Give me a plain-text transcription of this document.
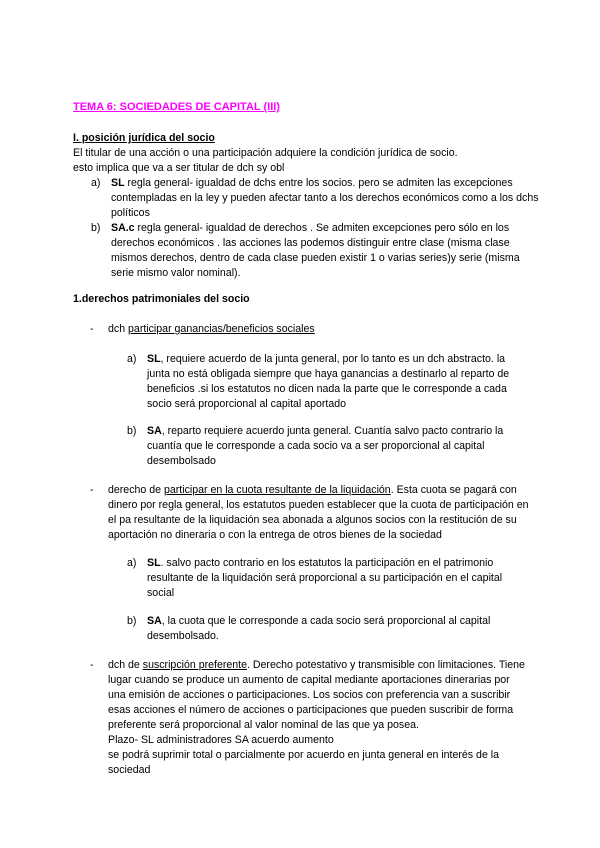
TEMA 6: SOCIEDADES DE CAPITAL (III)
I. posición jurídica del socio
El titular de una acción o una participación adquiere la condición jurídica de socio.
esto implica que va a ser titular de dch sy obl
a) SL regla general- igualdad de dchs entre los socios. pero se admiten las excepciones contempladas en la ley y pueden afectar tanto a los derechos económicos como a los dchs políticos
b) SA.c regla general- igualdad de derechos . Se admiten excepciones pero sólo en los derechos económicos . las acciones las podemos distinguir entre clase (misma clase mismos derechos, dentro de cada clase pueden existir 1 o varias series)y serie (misma serie mismo valor nominal).
1.derechos patrimoniales del socio
- dch participar ganancias/beneficios sociales
a) SL, requiere acuerdo de la junta general, por lo tanto es un dch abstracto. la junta no está obligada siempre que haya ganancias a destinarlo al reparto de beneficios .si los estatutos no dicen nada la parte que le corresponde a cada socio será proporcional al capital aportado
b) SA, reparto requiere acuerdo junta general. Cuantía salvo pacto contrario la cuantía que le corresponde a cada socio va a ser proporcional al capital desembolsado
- derecho de participar en la cuota resultante de la liquidación. Esta cuota se pagará con dinero por regla general, los estatutos pueden establecer que la cuota de participación en el pa resultante de la liquidación sea abonada a algunos socios con la restitución de su aportación no dineraria o con la entrega de otros bienes de la sociedad
a) SL. salvo pacto contrario en los estatutos la participación en el patrimonio resultante de la liquidación será proporcional a su participación en el capital social
b) SA, la cuota que le corresponde a cada socio será proporcional al capital desembolsado.
- dch de suscripción preferente. Derecho potestativo y transmisible con limitaciones. Tiene lugar cuando se produce un aumento de capital mediante aportaciones dinerarias por una emisión de acciones o participaciones. Los socios con preferencia van a suscribir esas acciones el número de acciones o participaciones que pueden suscribir de forma preferente será proporcional al valor nominal de las que ya posea.
Plazo- SL administradores SA acuerdo aumento
se podrá suprimir total o parcialmente por acuerdo en junta general en interés de la sociedad
